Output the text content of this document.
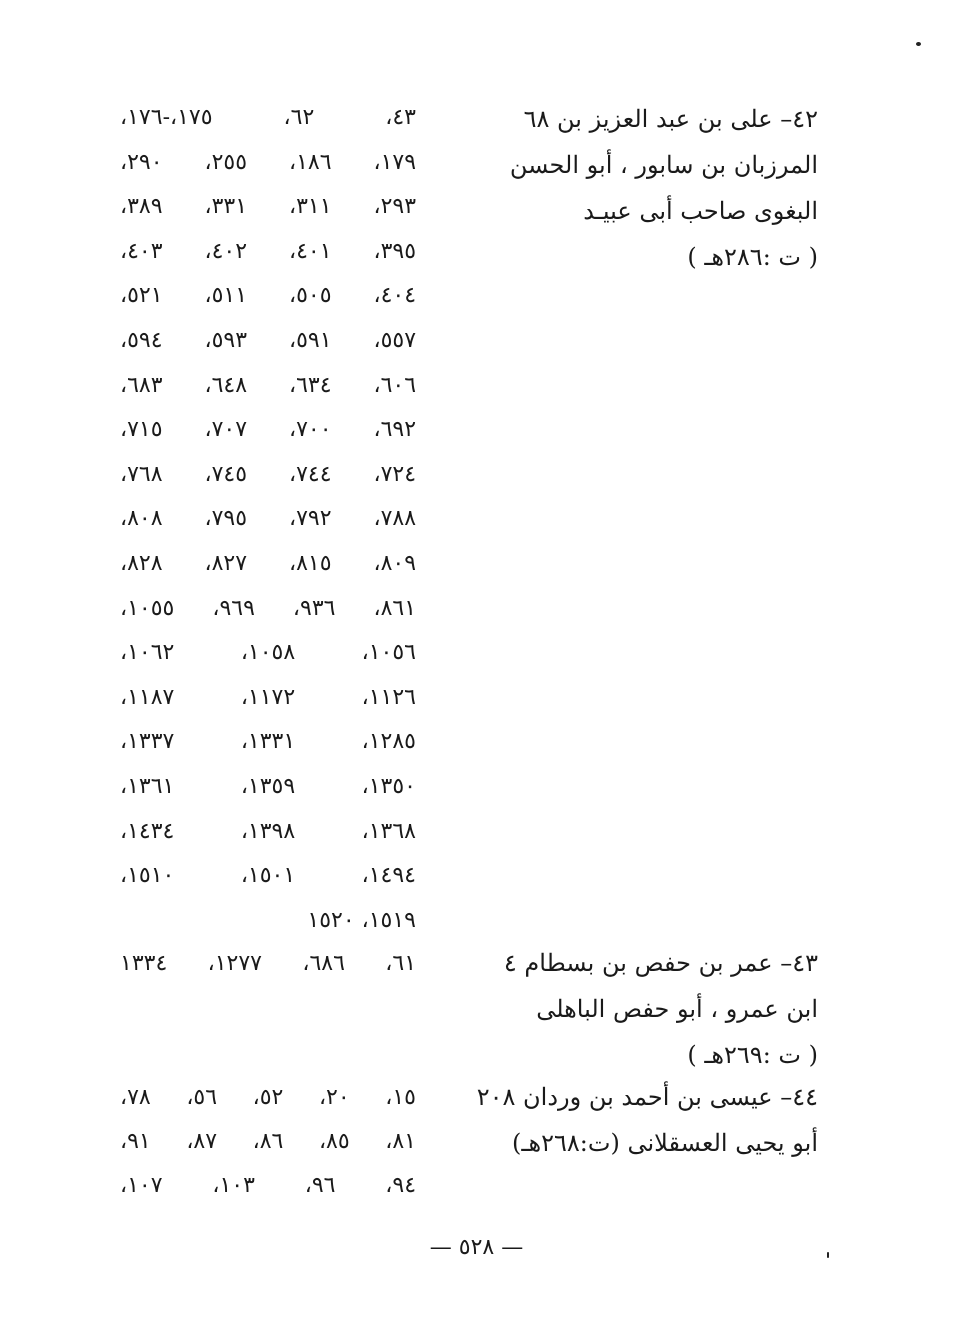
٤٢– على بن عبد العزيز بن ٦٨
المرزبان بن سابور ، أبو الحسن
البغوى صاحب أبى عبيـد
( ت :٢٨٦هـ )
٤٣، ٦٢، ١٧٥،-١٧٦،
١٧٩، ١٨٦، ٢٥٥، ٢٩٠،
٢٩٣، ٣١١، ٣٣١، ٣٨٩،
٣٩٥، ٤٠١، ٤٠٢، ٤٠٣،
٤٠٤، ٥٠٥، ٥١١، ٥٢١،
٥٥٧، ٥٩١، ٥٩٣، ٥٩٤،
٦٠٦، ٦٣٤، ٦٤٨، ٦٨٣،
٦٩٢، ٧٠٠، ٧٠٧، ٧١٥،
٧٢٤، ٧٤٤، ٧٤٥، ٧٦٨،
٧٨٨، ٧٩٢، ٧٩٥، ٨٠٨،
٨٠٩، ٨١٥، ٨٢٧، ٨٢٨،
٨٦١، ٩٣٦، ٩٦٩، ١٠٥٥،
١٠٥٦، ١٠٥٨، ١٠٦٢،
١١٢٦، ١١٧٢، ١١٨٧،
١٢٨٥، ١٣٣١، ١٣٣٧،
١٣٥٠، ١٣٥٩، ١٣٦١،
١٣٦٨، ١٣٩٨، ١٤٣٤،
١٤٩٤، ١٥٠١، ١٥١٠،
١٥١٩، ١٥٢٠
٤٣– عمر بن حفص بن بسطام ٤
ابن عمرو ، أبو حفص الباهلى
( ت :٢٦٩هـ )
٦١، ٦٨٦، ١٢٧٧، ١٣٣٤
٤٤– عيسى بن أحمد بن وردان ٢٠٨
أبو يحيى العسقلانى (ت:٢٦٨هـ)
١٥، ٢٠، ٥٢، ٥٦، ٧٨،
٨١، ٨٥، ٨٦، ٨٧، ٩١،
٩٤، ٩٦، ١٠٣، ١٠٧،
— ٥٢٨ —
